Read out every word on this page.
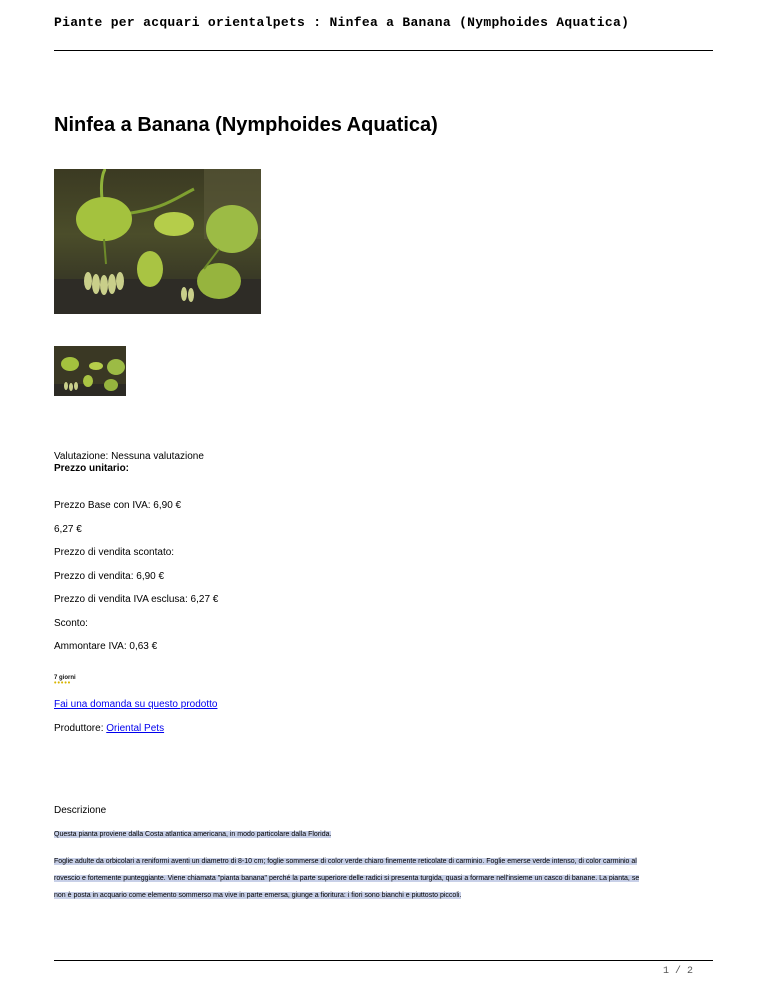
Piante per acquari orientalpets : Ninfea a Banana (Nymphoides Aquatica)
Ninfea a Banana (Nymphoides Aquatica)
Valutazione: Nessuna valutazione
Prezzo unitario:
Prezzo Base con IVA: 6,90 €
6,27 €
Prezzo di vendita scontato:
Prezzo di vendita: 6,90 €
Prezzo di vendita IVA esclusa: 6,27 €
Sconto:
Ammontare IVA: 0,63 €
7 giorni
•••••
Fai una domanda su questo prodotto
Produttore: Oriental Pets
Descrizione
Questa pianta proviene dalla Costa atlantica americana, in modo particolare dalla Florida.
Foglie adulte da orbicolari a reniformi aventi un diametro di 8-10 cm; foglie sommerse di color verde chiaro finemente reticolate di carminio. Foglie emerse verde intenso, di color carminio al
rovescio e fortemente punteggiante. Viene chiamata "pianta banana" perché la parte superiore delle radici si presenta turgida, quasi a formare nell'insieme un casco di banane. La pianta, se
non è posta in acquario come elemento sommerso ma vive in parte emersa, giunge a fioritura: i fiori sono bianchi e piuttosto piccoli.
1 / 2
